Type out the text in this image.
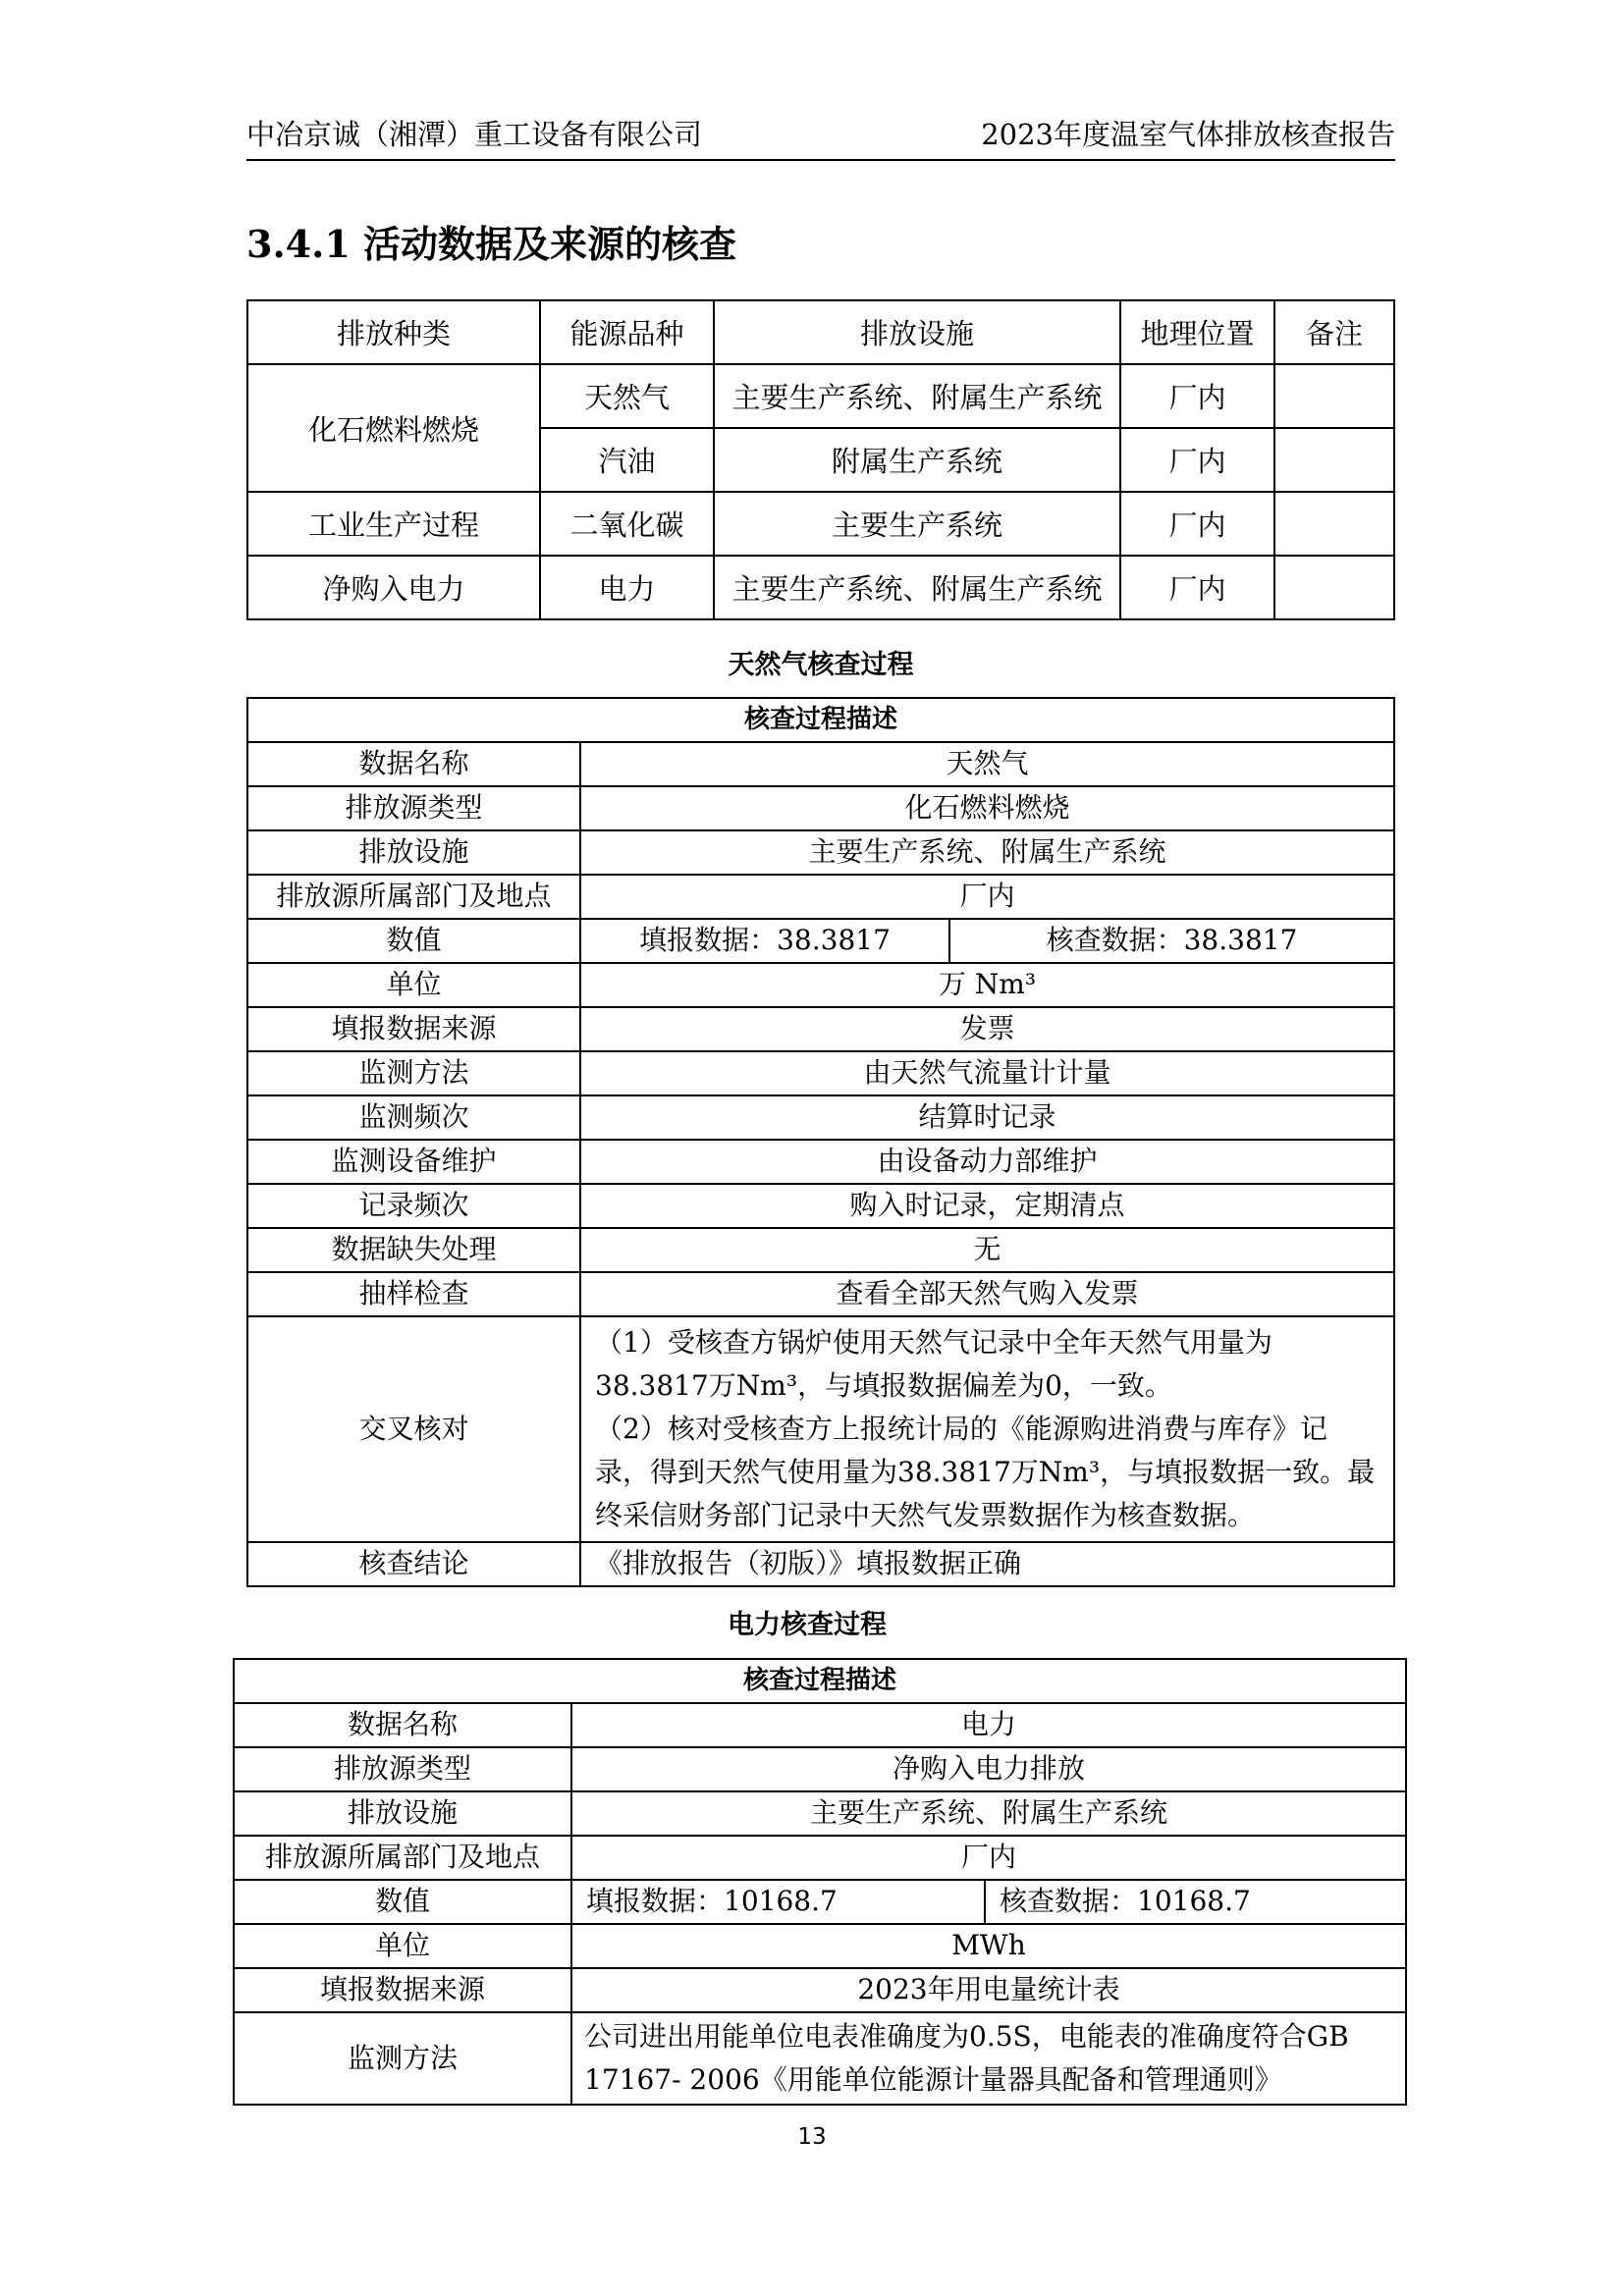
中冶京诚（湘潭）重工设备有限公司	2023年度温室气体排放核查报告
3.4.1 活动数据及来源的核查
排放种类	能源品种	排放设施	地理位置	备注
化石燃料燃烧	天然气	主要生产系统、附属生产系统	厂内	
	汽油	附属生产系统	厂内	
工业生产过程	二氧化碳	主要生产系统	厂内	
净购入电力	电力	主要生产系统、附属生产系统	厂内	
天然气核查过程
核查过程描述		
数据名称	天然气	
排放源类型	化石燃料燃烧	
排放设施	主要生产系统、附属生产系统	
排放源所属部门及地点	厂内	
数值	填报数据：38.3817	核查数据：38.3817
单位	万 Nm³	
填报数据来源	发票	
监测方法	由天然气流量计计量	
监测频次	结算时记录	
监测设备维护	由设备动力部维护	
记录频次	购入时记录，定期清点	
数据缺失处理	无	
抽样检查	查看全部天然气购入发票	
交叉核对	（1）受核查方锅炉使用天然气记录中全年天然气用量为38.3817万Nm³，与填报数据偏差为0，一致。

（2）核对受核查方上报统计局的《能源购进消费与库存》记录，得到天然气使用量为38.3817万Nm³，与填报数据一致。最终采信财务部门记录中天然气发票数据作为核查数据。	

核查结论	《排放报告（初版）》填报数据正确	
电力核查过程
核查过程描述		
数据名称	电力	
排放源类型	净购入电力排放	
排放设施	主要生产系统、附属生产系统	
排放源所属部门及地点	厂内	
数值	填报数据：10168.7	核查数据：10168.7
单位	MWh	
填报数据来源	2023年用电量统计表	
监测方法	公司进出用能单位电表准确度为0.5S，电能表的准确度符合GB 17167- 2006《用能单位能源计量器具配备和管理通则》	
13
